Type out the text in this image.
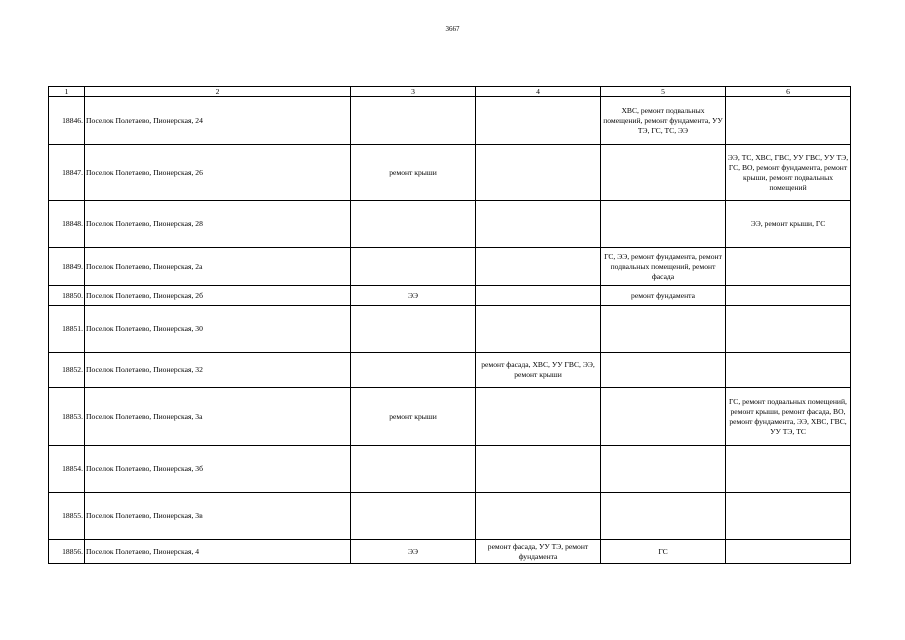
3667
1	2	3	4	5	6
18846.	Поселок Полетаево, Пионерская, 24			ХВС, ремонт подвальных помещений, ремонт фундамента, УУ ТЭ, ГС, ТС, ЭЭ	
18847.	Поселок Полетаево, Пионерская, 26	ремонт крыши			ЭЭ, ТС, ХВС, ГВС, УУ ГВС, УУ ТЭ, ГС, ВО, ремонт фундамента, ремонт крыши, ремонт подвальных помещений
18848.	Поселок Полетаево, Пионерская, 28				ЭЭ, ремонт крыши, ГС
18849.	Поселок Полетаево, Пионерская, 2а			ГС, ЭЭ, ремонт фундамента, ремонт подвальных помещений, ремонт фасада	
18850.	Поселок Полетаево, Пионерская, 2б	ЭЭ		ремонт фундамента	
18851.	Поселок Полетаево, Пионерская, 30				
18852.	Поселок Полетаево, Пионерская, 32		ремонт фасада, ХВС, УУ ГВС, ЭЭ, ремонт крыши		
18853.	Поселок Полетаево, Пионерская, 3а	ремонт крыши			ГС, ремонт подвальных помещений, ремонт крыши, ремонт фасада, ВО, ремонт фундамента, ЭЭ, ХВС, ГВС, УУ ТЭ, ТС
18854.	Поселок Полетаево, Пионерская, 3б				
18855.	Поселок Полетаево, Пионерская, 3в				
18856.	Поселок Полетаево, Пионерская, 4	ЭЭ	ремонт фасада, УУ ТЭ, ремонт фундамента	ГС	
